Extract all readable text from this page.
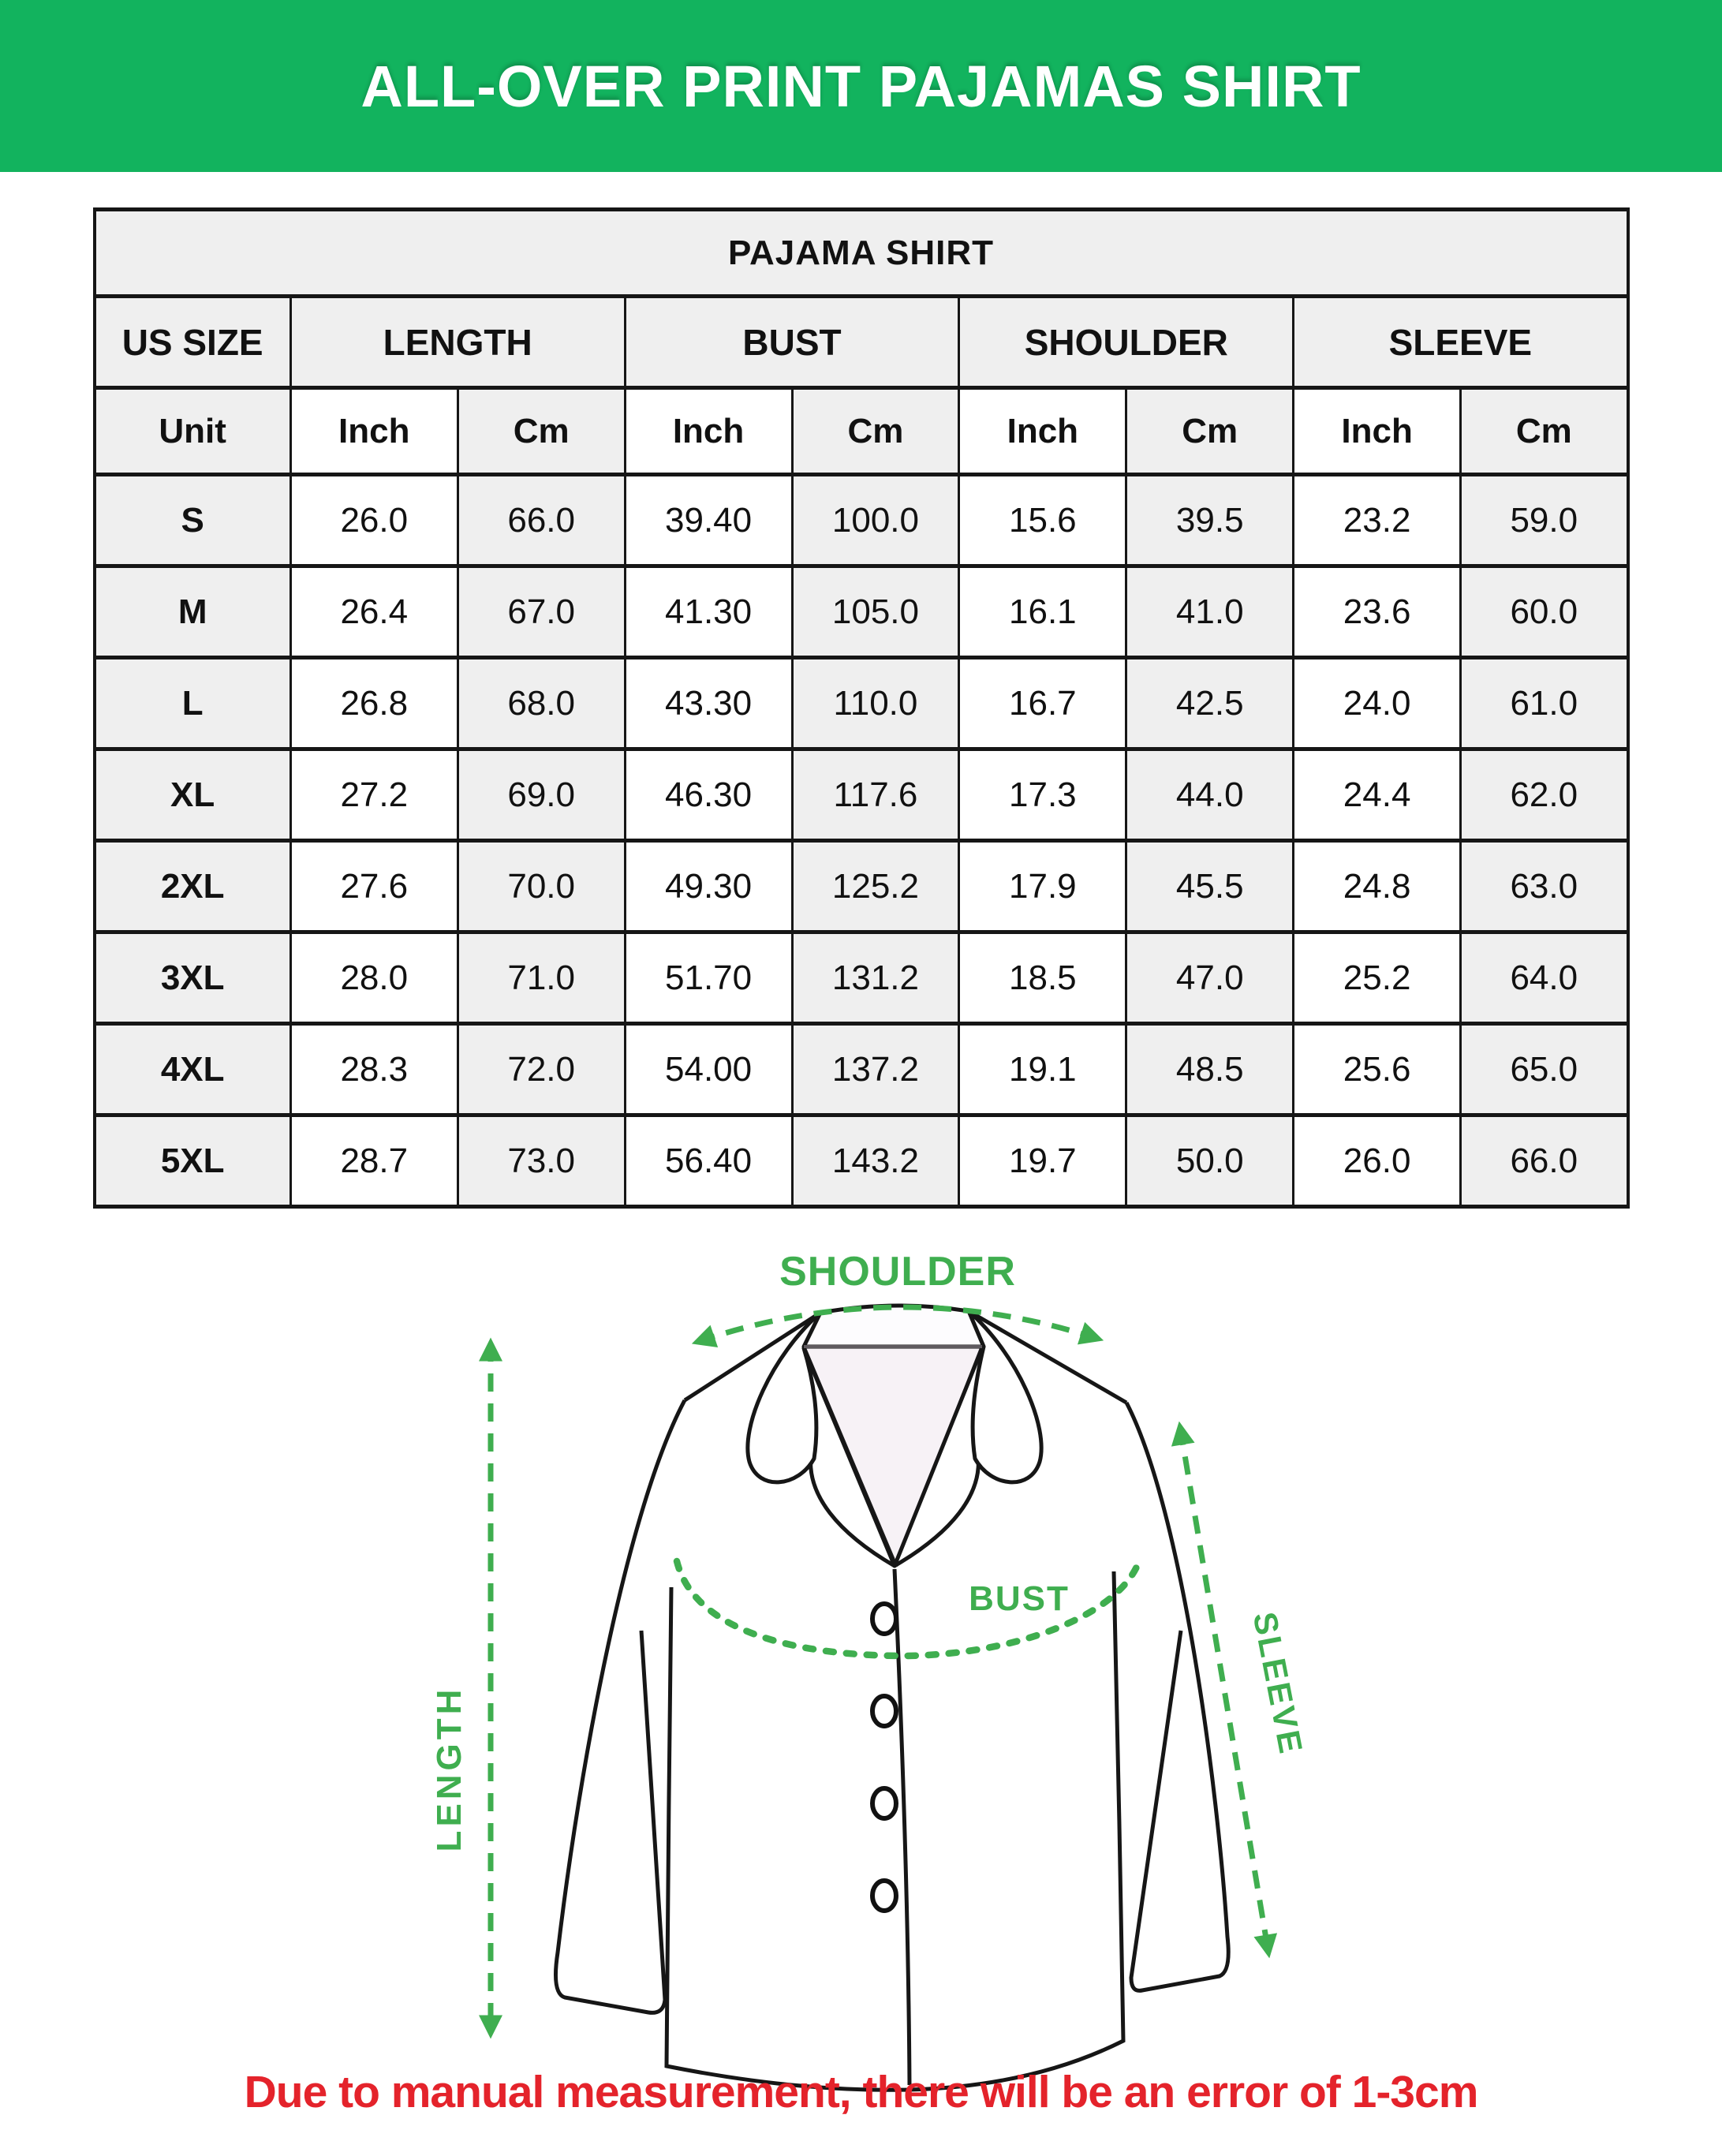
ALL-OVER PRINT PAJAMAS SHIRT
PAJAMA SHIRT								
US SIZE	LENGTH		BUST		SHOULDER		SLEEVE	
Unit	Inch	Cm	Inch	Cm	Inch	Cm	Inch	Cm
S	26.0	66.0	39.40	100.0	15.6	39.5	23.2	59.0
M	26.4	67.0	41.30	105.0	16.1	41.0	23.6	60.0
L	26.8	68.0	43.30	110.0	16.7	42.5	24.0	61.0
XL	27.2	69.0	46.30	117.6	17.3	44.0	24.4	62.0
2XL	27.6	70.0	49.30	125.2	17.9	45.5	24.8	63.0
3XL	28.0	71.0	51.70	131.2	18.5	47.0	25.2	64.0
4XL	28.3	72.0	54.00	137.2	19.1	48.5	25.6	65.0
5XL	28.7	73.0	56.40	143.2	19.7	50.0	26.0	66.0
BUST
SHOULDER
LENGTH
SLEEVE
Due to manual measurement, there will be an error of 1-3cm
